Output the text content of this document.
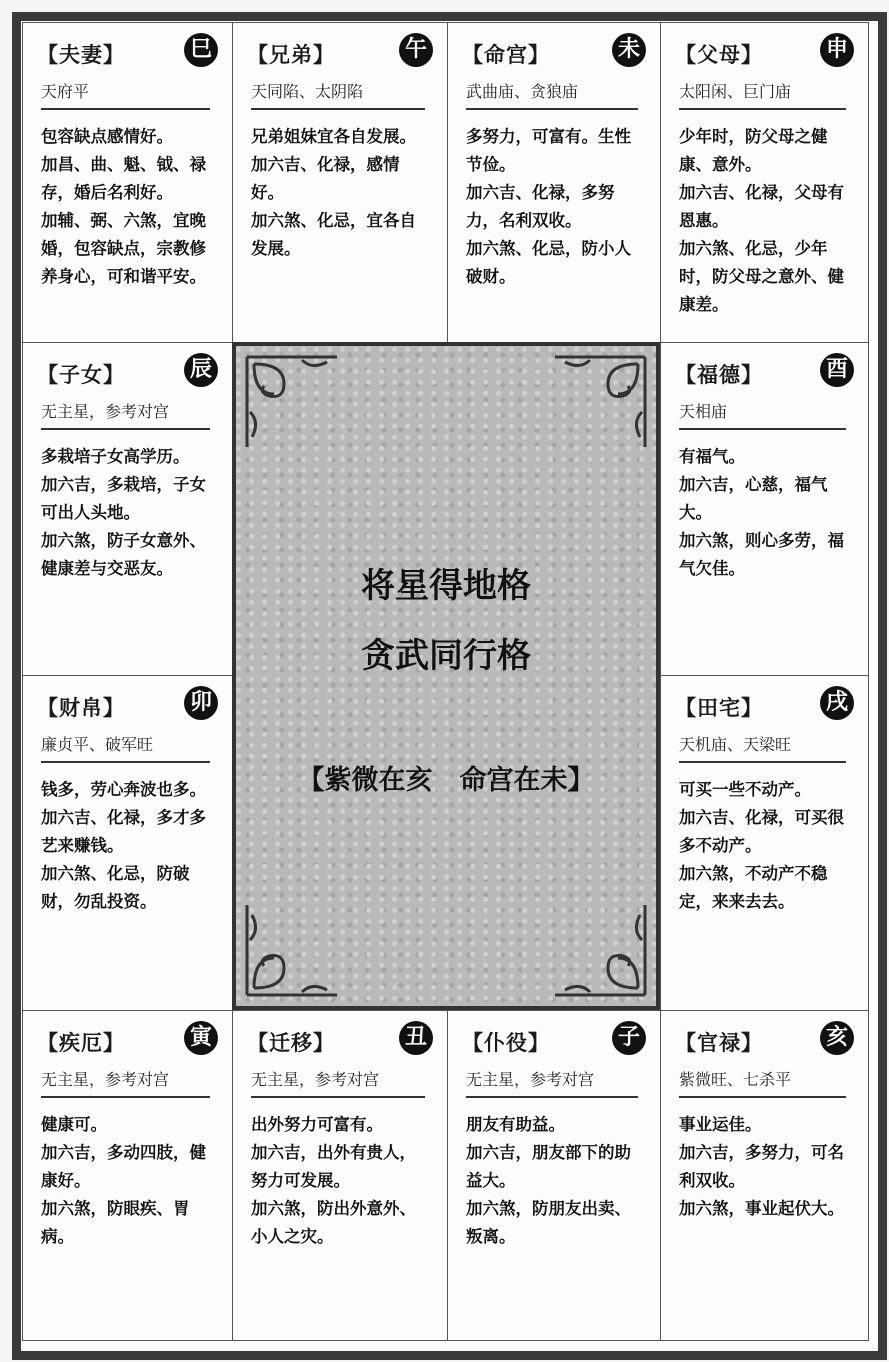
【夫妻】	巳
天府平

包容缺点感情好。

加昌、曲、魁、钺、禄存，婚后名利好。

加辅、弼、六煞，宜晚婚，包容缺点，宗教修养身心，可和谐平安。

【兄弟】	午
天同陷、太阴陷

兄弟姐妹宜各自发展。

加六吉、化禄，感情好。

加六煞、化忌，宜各自发展。

【命宫】	未
武曲庙、贪狼庙

多努力，可富有。生性节俭。

加六吉、化禄，多努力，名利双收。

加六煞、化忌，防小人破财。

【父母】	申
太阳闲、巨门庙

少年时，防父母之健康、意外。

加六吉、化禄，父母有恩惠。

加六煞、化忌，少年时，防父母之意外、健康差。

【子女】	辰
无主星，参考对宫

多栽培子女高学历。

加六吉，多栽培，子女可出人头地。

加六煞，防子女意外、健康差与交恶友。

【福德】	酉
天相庙

有福气。

加六吉，心慈，福气大。

加六煞，则心多劳，福气欠佳。

【财帛】	卯
廉贞平、破军旺

钱多，劳心奔波也多。

加六吉、化禄，多才多艺来赚钱。

加六煞、化忌，防破财，勿乱投资。

【田宅】	戌
天机庙、天梁旺

可买一些不动产。

加六吉、化禄，可买很多不动产。

加六煞，不动产不稳定，来来去去。

【疾厄】	寅
无主星，参考对宫

健康可。

加六吉，多动四肢，健康好。

加六煞，防眼疾、胃病。

【迁移】	丑
无主星，参考对宫

出外努力可富有。

加六吉，出外有贵人，努力可发展。

加六煞，防出外意外、小人之灾。

【仆役】	子
无主星，参考对宫

朋友有助益。

加六吉，朋友部下的助益大。

加六煞，防朋友出卖、叛离。

【官禄】	亥
紫微旺、七杀平

事业运佳。

加六吉，多努力，可名利双收。

加六煞，事业起伏大。

将星得地格
贪武同行格
【紫微在亥　命宫在未】
